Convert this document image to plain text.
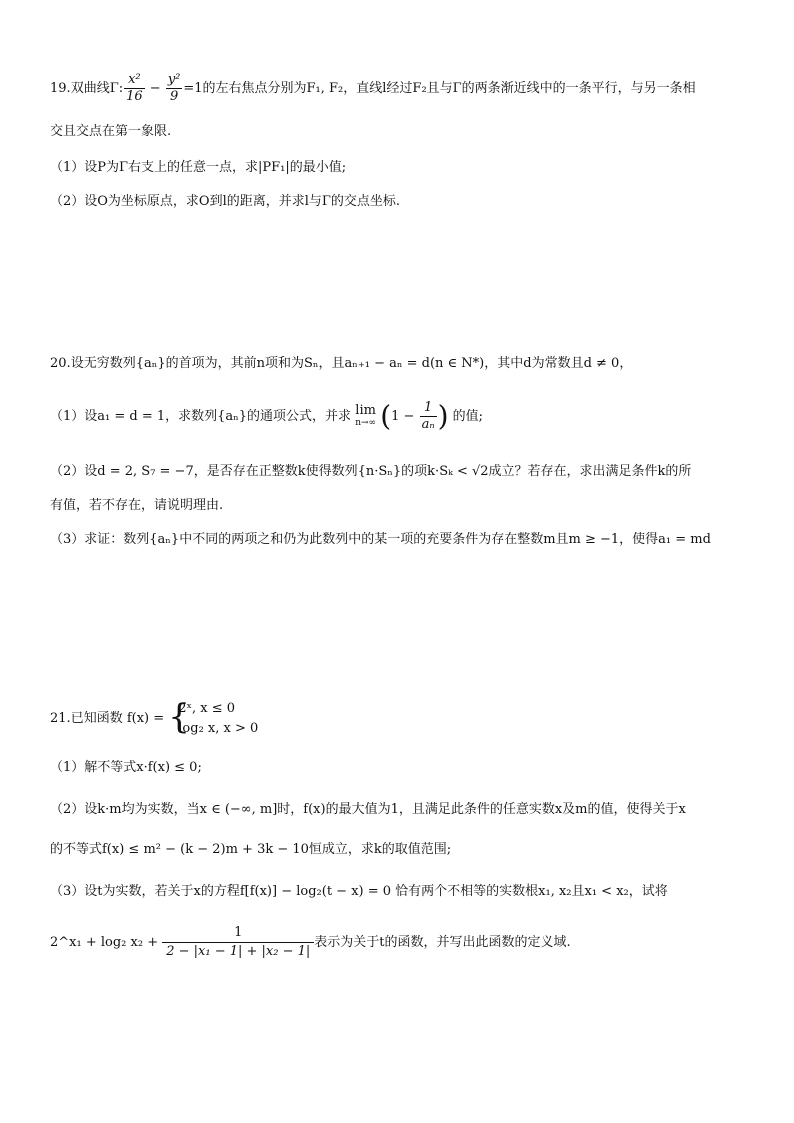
19.双曲线Γ: $\frac{\text{x²}}{16} - \frac{\text{y²}}{9} =1$的左右焦点分别为F₁, F₂，直线l经过F₂且与Γ的两条渐近线中的一条平行，与另一条相
交且交点在第一象限.
（1）设P为Γ右支上的任意一点，求|PF₁|的最小值;
（2）设O为坐标原点，求O到l的距离，并求l与Γ的交点坐标.
20.设无穷数列{aₙ}的首项为，其前n项和为Sₙ，且aₙ₊₁ − aₙ = d(n ∈ N*)，其中d为常数且d ≠ 0，
（1）设a₁ = d = 1，求数列{aₙ}的通项公式，并求 lim
n→∞ ($1 - \frac{1}{\text{aₙ}}$ ) 的值;
（2）设d = 2, S₇ = −7，是否存在正整数k使得数列{n·Sₙ}的项k·Sₖ < √2成立？若存在，求出满足条件k的所
有值，若不存在，请说明理由.
（3）求证：数列{aₙ}中不同的两项之和仍为此数列中的某一项的充要条件为存在整数m且m ≥ −1，使得a₁ = md
21.已知函数 f(x) = {
2ˣ, x ≤ 0
log₂ x, x > 0
（1）解不等式x·f(x) ≤ 0;
（2）设k·m均为实数，当x ∈ (−∞, m]时，f(x)的最大值为1，且满足此条件的任意实数x及m的值，使得关于x
的不等式f(x) ≤ m² − (k − 2)m + 3k − 10恒成立，求k的取值范围;
（3）设t为实数，若关于x的方程f[f(x)] − log₂(t − x) = 0 恰有两个不相等的实数根x₁, x₂且x₁ < x₂，试将
2^x₁ + log₂ $x_2 + \frac{1}{\text{2 − |x₁ − 1| + |x₂ − 1|}}$ 表示为关于t的函数，并写出此函数的定义域.
